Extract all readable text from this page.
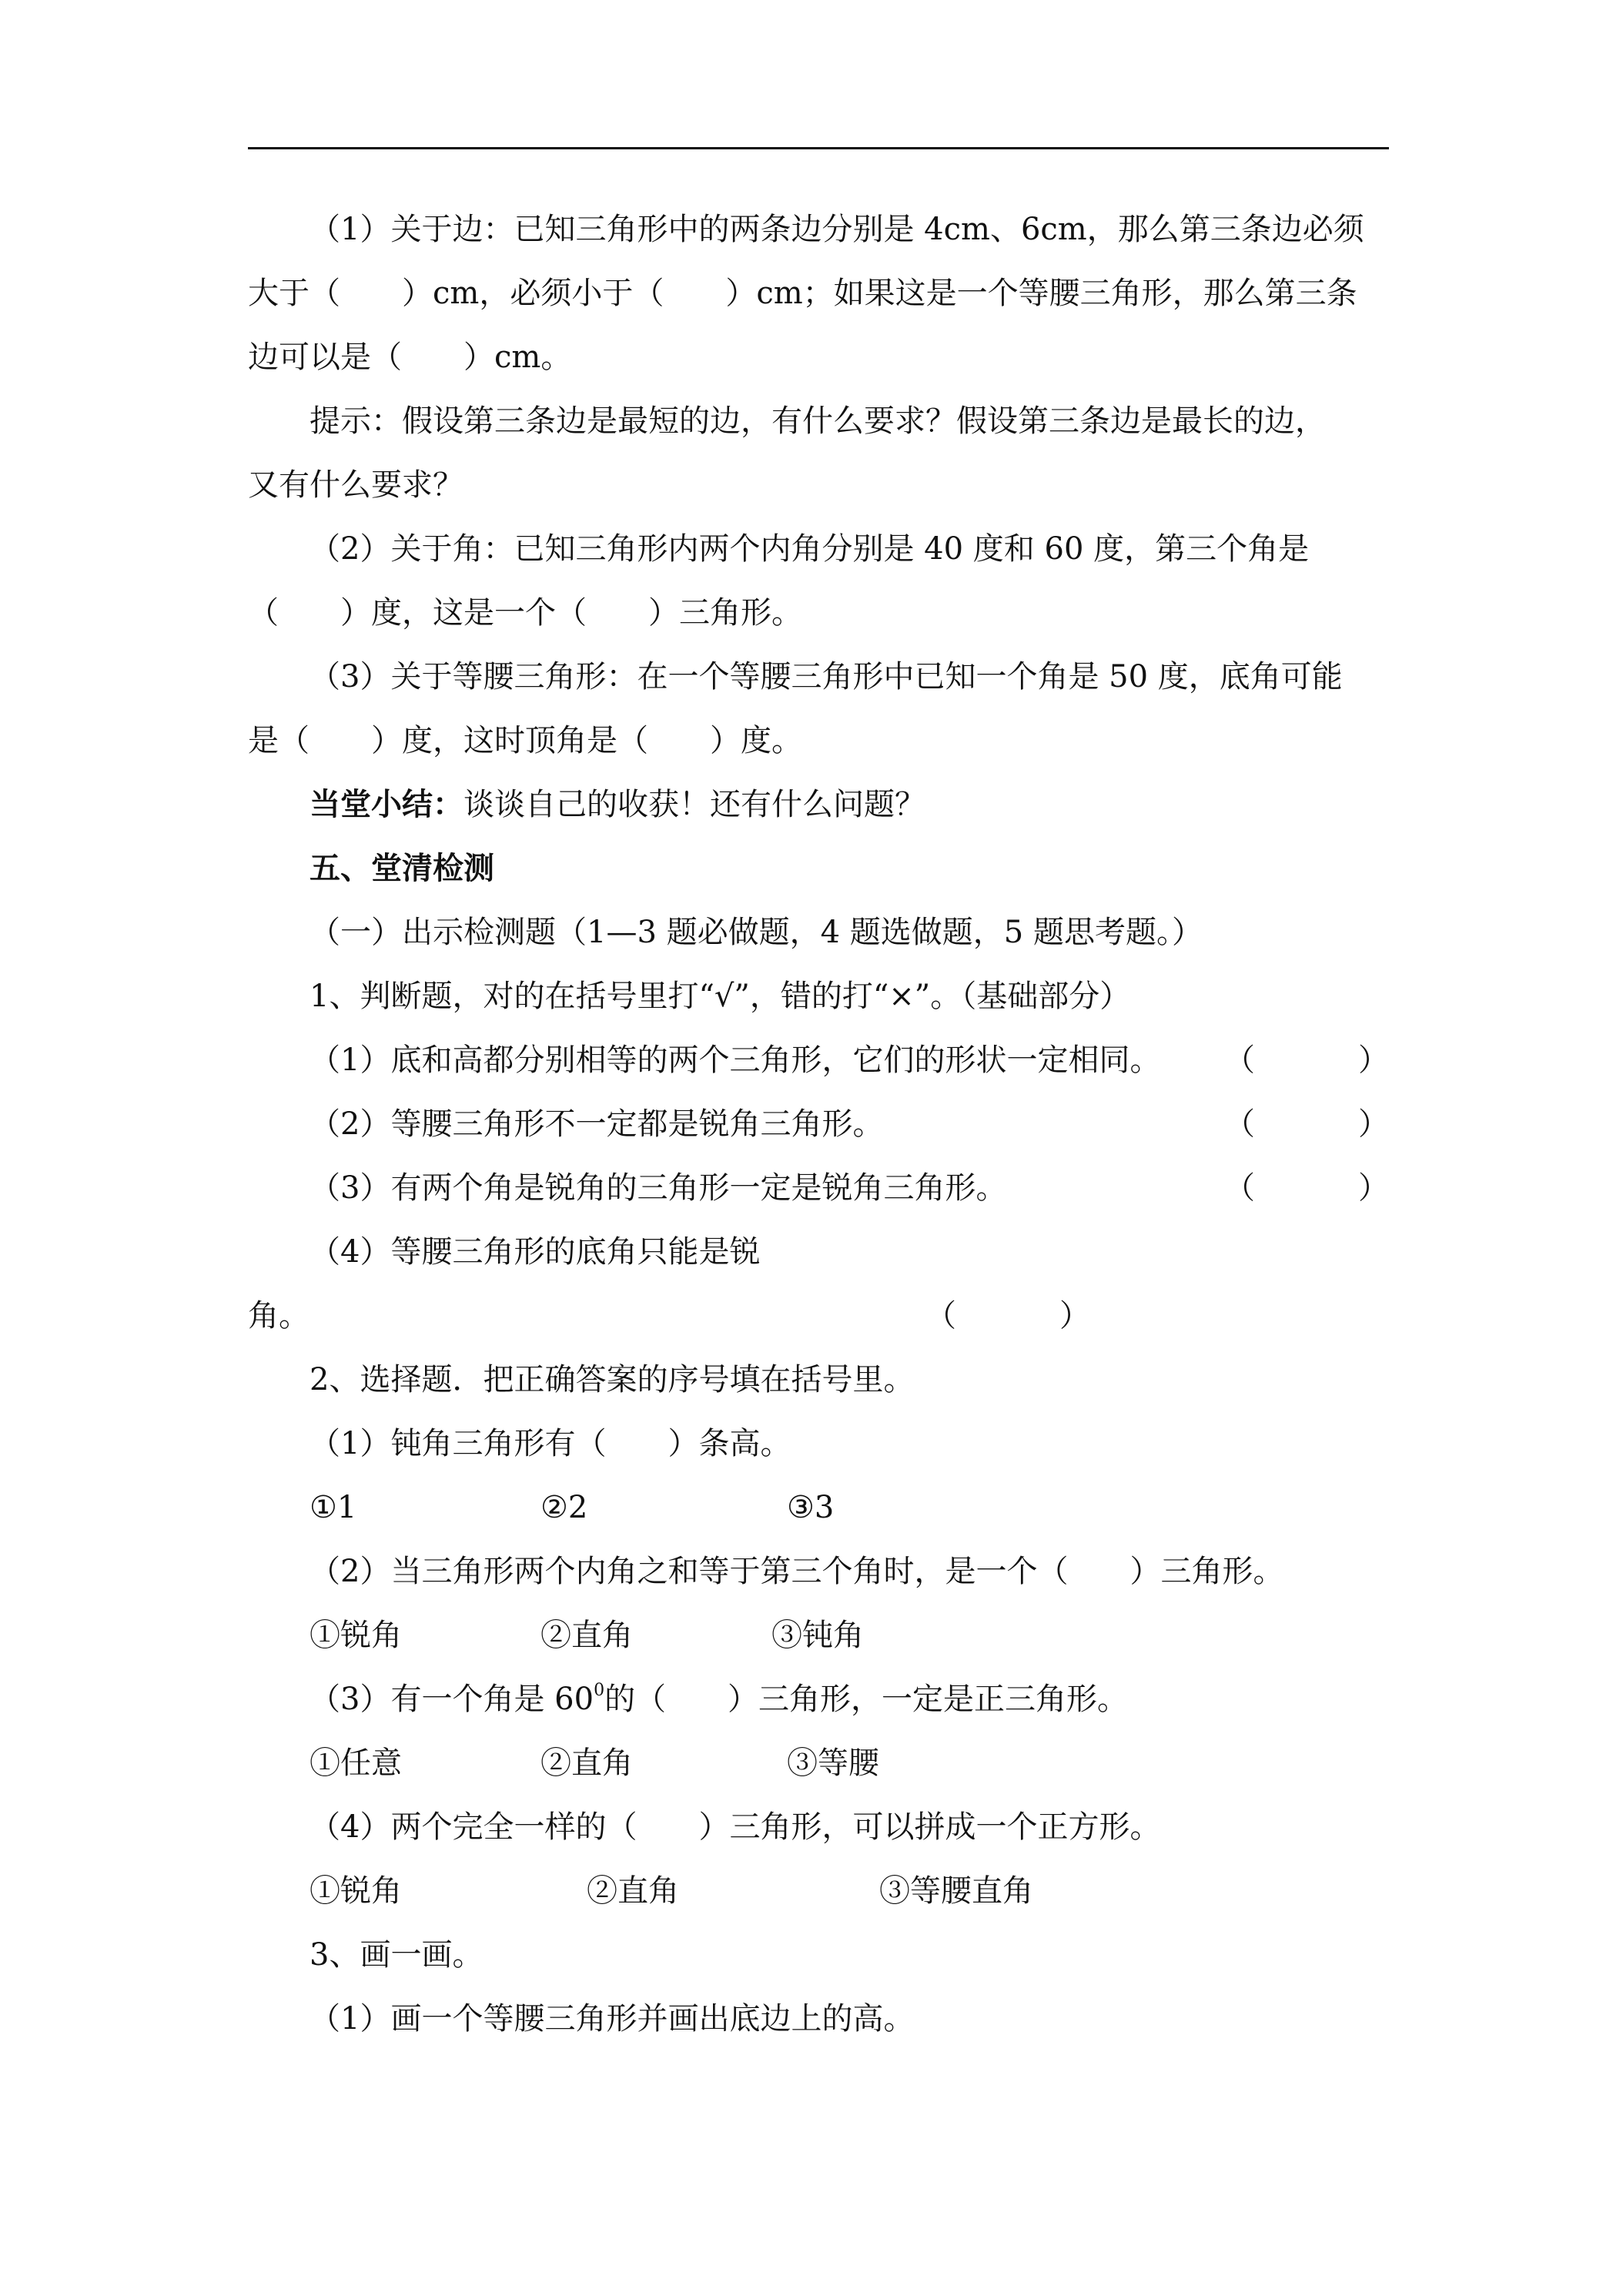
（1）关于边：已知三角形中的两条边分别是 4cm、6cm，那么第三条边必须
大于（　　）cm，必须小于（　　）cm；如果这是一个等腰三角形，那么第三条
边可以是（　　）cm。
提示：假设第三条边是最短的边，有什么要求？假设第三条边是最长的边，
又有什么要求？
（2）关于角：已知三角形内两个内角分别是 40 度和 60 度，第三个角是
（　　）度，这是一个（　　）三角形。
（3）关于等腰三角形：在一个等腰三角形中已知一个角是 50 度，底角可能
是（　　）度，这时顶角是（　　）度。
当堂小结：谈谈自己的收获！还有什么问题？
五、堂清检测
（一）出示检测题（1—3 题必做题，4 题选做题，5 题思考题。）
1、判断题，对的在括号里打“√”，错的打“×”。（基础部分）
（1）底和高都分别相等的两个三角形，它们的形状一定相同。 （	）
（2）等腰三角形不一定都是锐角三角形。	（	）
（3）有两个角是锐角的三角形一定是锐角三角形。	（	）
（4）等腰三角形的底角只能是锐
角。	（	）
2、选择题．把正确答案的序号填在括号里。
（1）钝角三角形有（　　）条高。
①1	②2	③3
（2）当三角形两个内角之和等于第三个角时，是一个（　　）三角形。
①锐角	②直角	③钝角
（3）有一个角是 $60^0$的（　　）三角形，一定是正三角形。
①任意	②直角	③等腰
（4）两个完全一样的（　　）三角形，可以拼成一个正方形。
①锐角	②直角	③等腰直角
3、画一画。
（1）画一个等腰三角形并画出底边上的高。
